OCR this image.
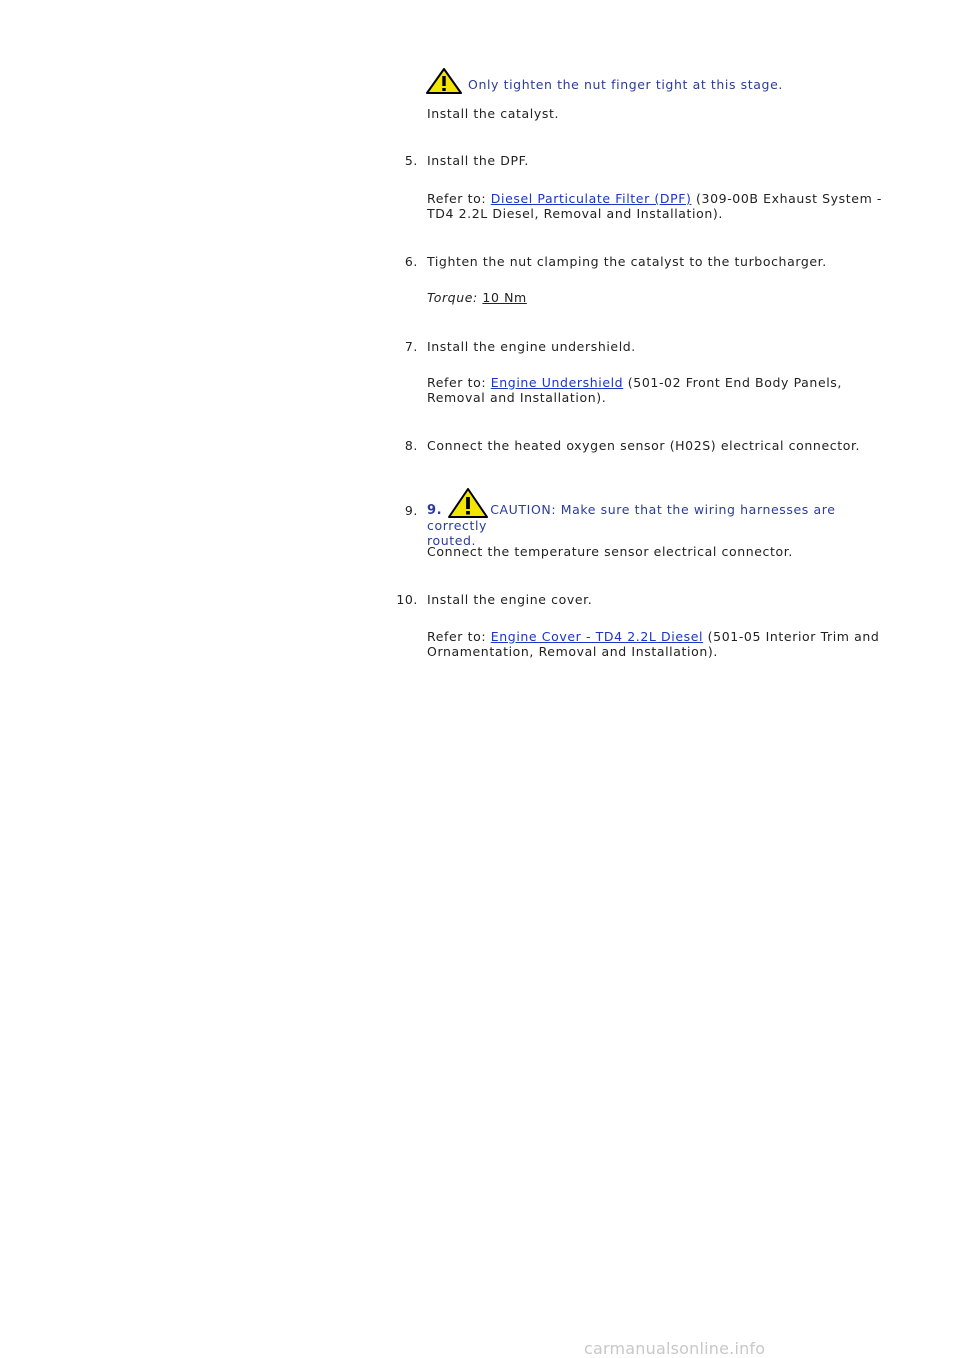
Only tighten the nut finger tight at this stage.
Install the catalyst.
5. Install the DPF.
Refer to: Diesel Particulate Filter (DPF) (309-00B Exhaust System -
TD4 2.2L Diesel, Removal and Installation).
6. Tighten the nut clamping the catalyst to the turbocharger.
Torque: 10 Nm
7. Install the engine undershield.
Refer to: Engine Undershield (501-02 Front End Body Panels,
Removal and Installation).
8. Connect the heated oxygen sensor (H02S) electrical connector.
9. 9.	CAUTION: Make sure that the wiring harnesses are correctly
routed.
Connect the temperature sensor electrical connector.
10. Install the engine cover.
Refer to: Engine Cover - TD4 2.2L Diesel (501-05 Interior Trim and
Ornamentation, Removal and Installation).
carmanualsonline.info
